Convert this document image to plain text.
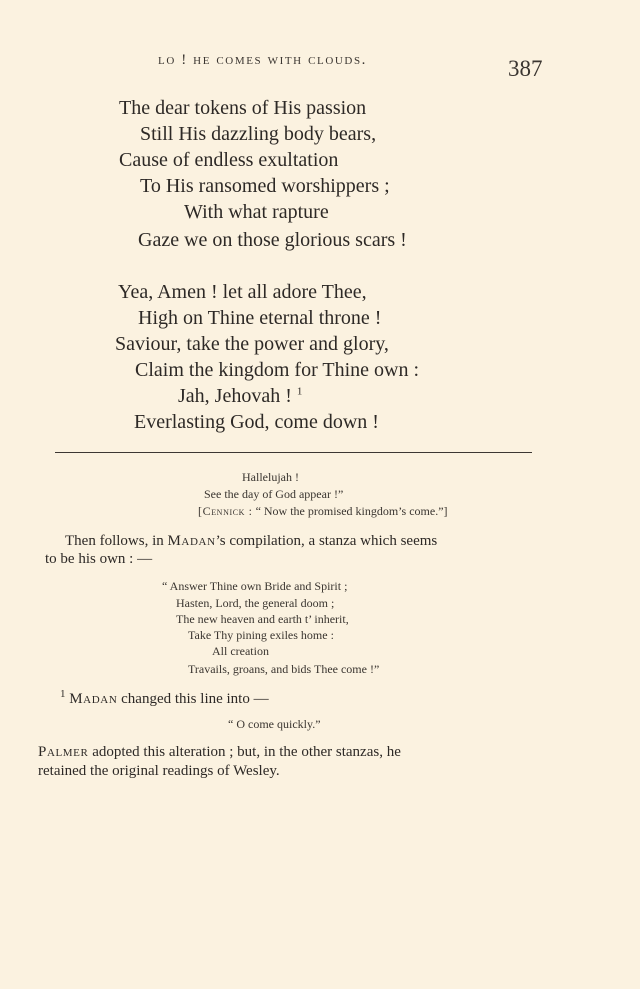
lo ! he comes with clouds.	387
The dear tokens of His passion
Still His dazzling body bears,
Cause of endless exultation
To His ransomed worshippers ;
With what rapture
Gaze we on those glorious scars !
Yea, Amen ! let all adore Thee,
High on Thine eternal throne !
Saviour, take the power and glory,
Claim the kingdom for Thine own :
Jah, Jehovah ! $^1$
Everlasting God, come down !
Hallelujah !
See the day of God appear !”
[Cennick : “ Now the promised kingdom’s come.”]
Then follows, in Madan’s compilation, a stanza which seems
to be his own : —
“ Answer Thine own Bride and Spirit ;
Hasten, Lord, the general doom ;
The new heaven and earth t’ inherit,
Take Thy pining exiles home :
All creation
Travails, groans, and bids Thee come !”
$^1$ Madan changed this line into —
“ O come quickly.”
Palmer adopted this alteration ; but, in the other stanzas, he
retained the original readings of Wesley.
